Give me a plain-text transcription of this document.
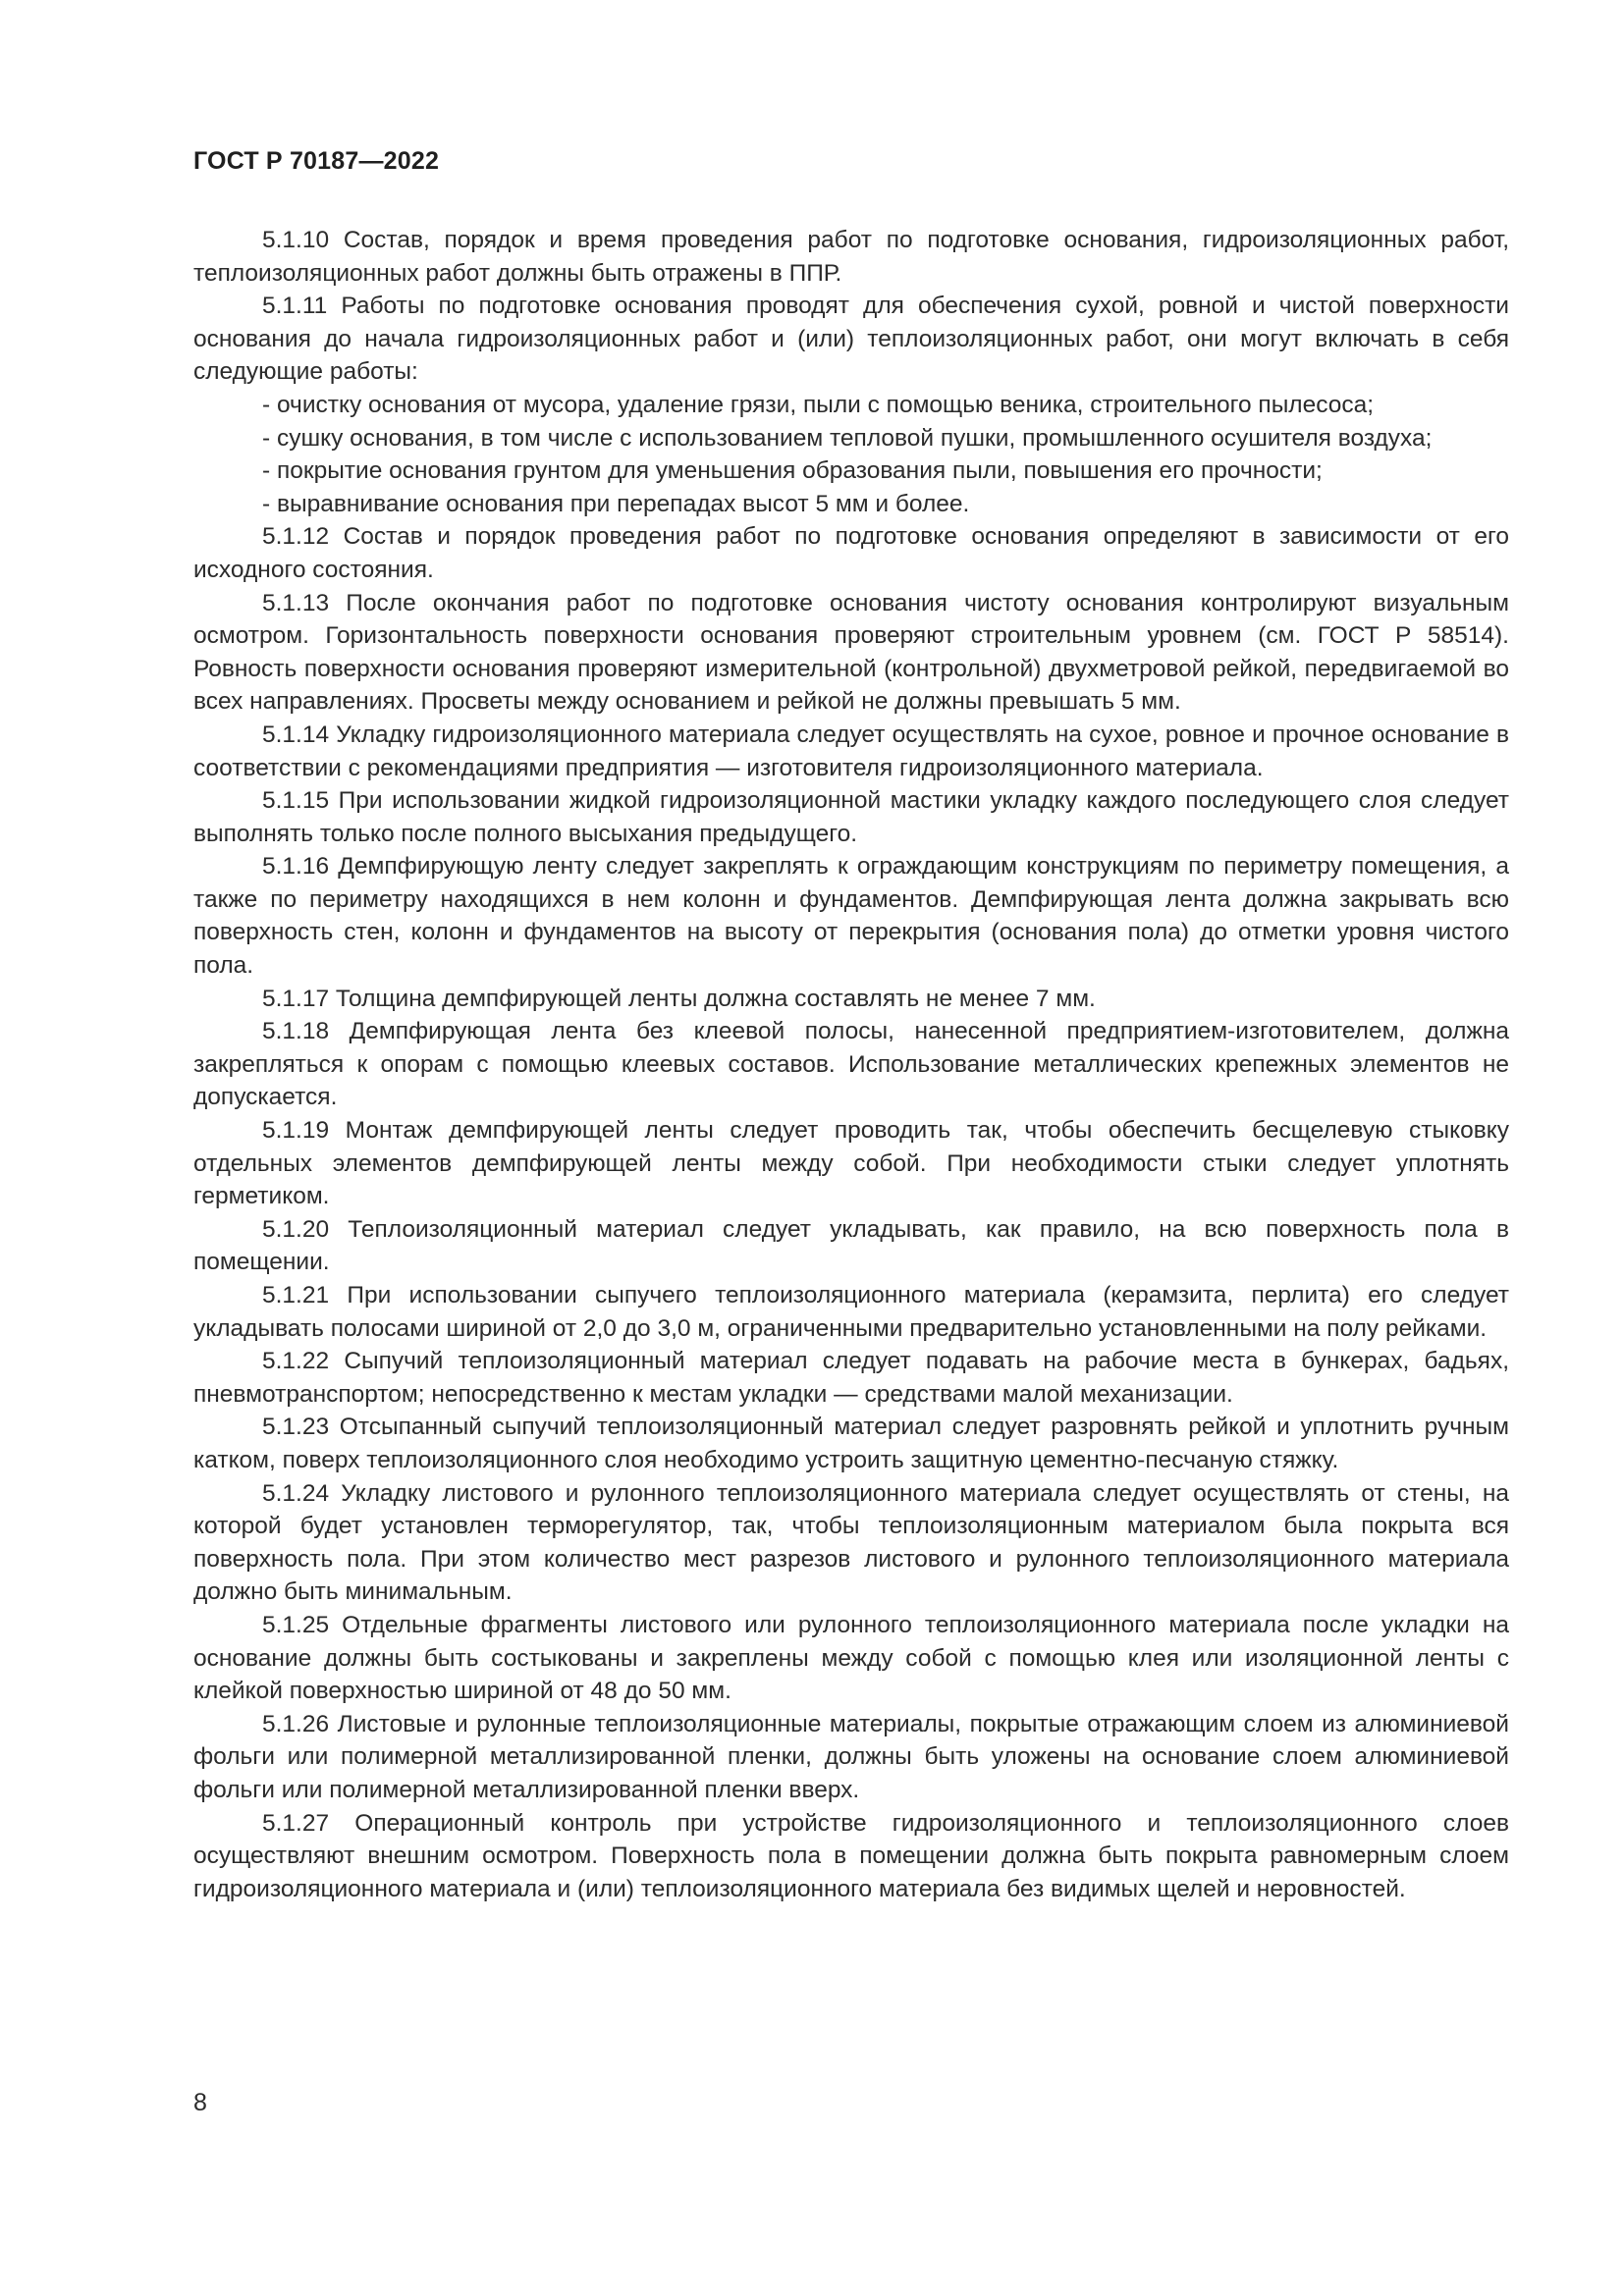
ГОСТ Р 70187—2022

5.1.10 Состав, порядок и время проведения работ по подготовке основания, гидроизоляционных работ, теплоизоляционных работ должны быть отражены в ППР.

5.1.11 Работы по подготовке основания проводят для обеспечения сухой, ровной и чистой поверхности основания до начала гидроизоляционных работ и (или) теплоизоляционных работ, они могут включать в себя следующие работы:

- очистку основания от мусора, удаление грязи, пыли с помощью веника, строительного пылесоса;

- сушку основания, в том числе с использованием тепловой пушки, промышленного осушителя воздуха;

- покрытие основания грунтом для уменьшения образования пыли, повышения его прочности;

- выравнивание основания при перепадах высот 5 мм и более.

5.1.12 Состав и порядок проведения работ по подготовке основания определяют в зависимости от его исходного состояния.

5.1.13 После окончания работ по подготовке основания чистоту основания контролируют визуальным осмотром. Горизонтальность поверхности основания проверяют строительным уровнем (см. ГОСТ Р 58514). Ровность поверхности основания проверяют измерительной (контрольной) двухметровой рейкой, передвигаемой во всех направлениях. Просветы между основанием и рейкой не должны превышать 5 мм.

5.1.14 Укладку гидроизоляционного материала следует осуществлять на сухое, ровное и прочное основание в соответствии с рекомендациями предприятия — изготовителя гидроизоляционного материала.

5.1.15 При использовании жидкой гидроизоляционной мастики укладку каждого последующего слоя следует выполнять только после полного высыхания предыдущего.

5.1.16 Демпфирующую ленту следует закреплять к ограждающим конструкциям по периметру помещения, а также по периметру находящихся в нем колонн и фундаментов. Демпфирующая лента должна закрывать всю поверхность стен, колонн и фундаментов на высоту от перекрытия (основания пола) до отметки уровня чистого пола.

5.1.17 Толщина демпфирующей ленты должна составлять не менее 7 мм.

5.1.18 Демпфирующая лента без клеевой полосы, нанесенной предприятием-изготовителем, должна закрепляться к опорам с помощью клеевых составов. Использование металлических крепежных элементов не допускается.

5.1.19 Монтаж демпфирующей ленты следует проводить так, чтобы обеспечить бесщелевую стыковку отдельных элементов демпфирующей ленты между собой. При необходимости стыки следует уплотнять герметиком.

5.1.20 Теплоизоляционный материал следует укладывать, как правило, на всю поверхность пола в помещении.

5.1.21 При использовании сыпучего теплоизоляционного материала (керамзита, перлита) его следует укладывать полосами шириной от 2,0 до 3,0 м, ограниченными предварительно установленными на полу рейками.

5.1.22 Сыпучий теплоизоляционный материал следует подавать на рабочие места в бункерах, бадьях, пневмотранспортом; непосредственно к местам укладки — средствами малой механизации.

5.1.23 Отсыпанный сыпучий теплоизоляционный материал следует разровнять рейкой и уплотнить ручным катком, поверх теплоизоляционного слоя необходимо устроить защитную цементно-песчаную стяжку.

5.1.24 Укладку листового и рулонного теплоизоляционного материала следует осуществлять от стены, на которой будет установлен терморегулятор, так, чтобы теплоизоляционным материалом была покрыта вся поверхность пола. При этом количество мест разрезов листового и рулонного теплоизоляционного материала должно быть минимальным.

5.1.25 Отдельные фрагменты листового или рулонного теплоизоляционного материала после укладки на основание должны быть состыкованы и закреплены между собой с помощью клея или изоляционной ленты с клейкой поверхностью шириной от 48 до 50 мм.

5.1.26 Листовые и рулонные теплоизоляционные материалы, покрытые отражающим слоем из алюминиевой фольги или полимерной металлизированной пленки, должны быть уложены на основание слоем алюминиевой фольги или полимерной металлизированной пленки вверх.

5.1.27 Операционный контроль при устройстве гидроизоляционного и теплоизоляционного слоев осуществляют внешним осмотром. Поверхность пола в помещении должна быть покрыта равномерным слоем гидроизоляционного материала и (или) теплоизоляционного материала без видимых щелей и неровностей.

8
